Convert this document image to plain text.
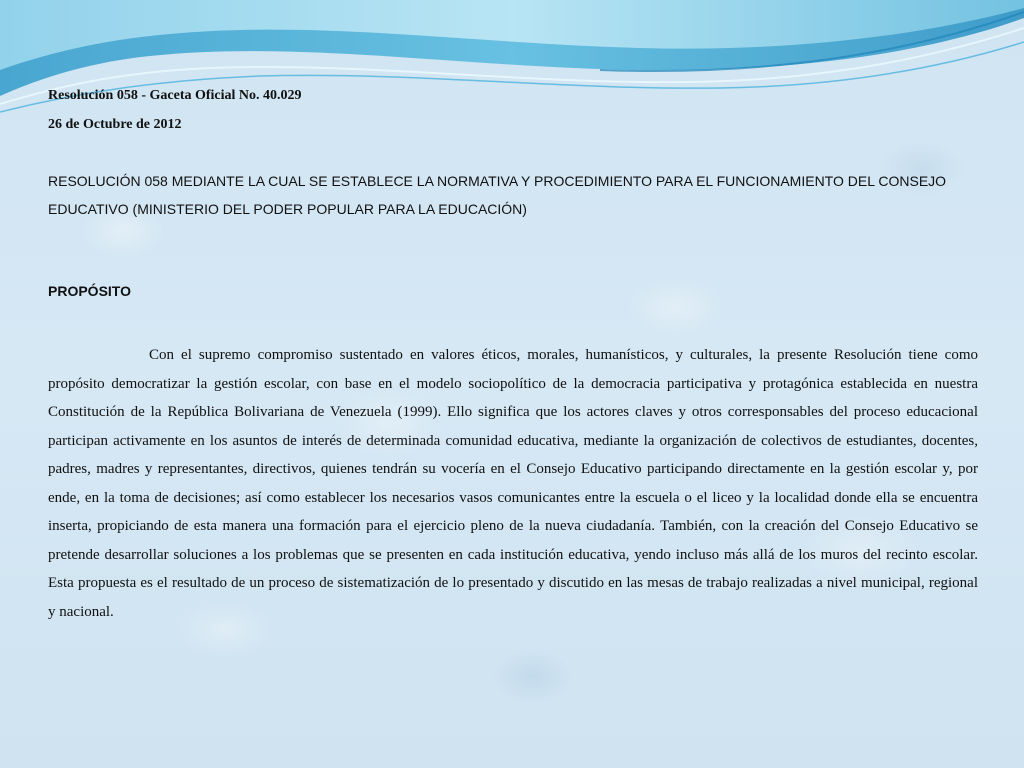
Resolución 058 - Gaceta Oficial No. 40.029

26 de Octubre de 2012

RESOLUCIÓN 058 MEDIANTE LA CUAL SE ESTABLECE LA NORMATIVA Y PROCEDIMIENTO PARA EL FUNCIONAMIENTO DEL CONSEJO EDUCATIVO (MINISTERIO DEL PODER POPULAR PARA LA EDUCACIÓN)

PROPÓSITO

Con el supremo compromiso sustentado en valores éticos, morales, humanísticos, y culturales, la presente Resolución tiene como propósito democratizar la gestión escolar, con base en el modelo sociopolítico de la democracia participativa y protagónica establecida en nuestra Constitución de la República Bolivariana de Venezuela (1999). Ello significa que los actores claves y otros corresponsables del proceso educacional participan activamente en los asuntos de interés de determinada comunidad educativa, mediante la organización de colectivos de estudiantes, docentes, padres, madres y representantes, directivos, quienes tendrán su vocería en el Consejo Educativo participando directamente en la gestión escolar y, por ende, en la toma de decisiones; así como establecer los necesarios vasos comunicantes entre la escuela o el liceo y la localidad donde ella se encuentra inserta, propiciando de esta manera una formación para el ejercicio pleno de la nueva ciudadanía. También, con la creación del Consejo Educativo se pretende desarrollar soluciones a los problemas que se presenten en cada institución educativa, yendo incluso más allá de los muros del recinto escolar. Esta propuesta es el resultado de un proceso de sistematización de lo presentado y discutido en las mesas de trabajo realizadas a nivel municipal, regional y nacional.
